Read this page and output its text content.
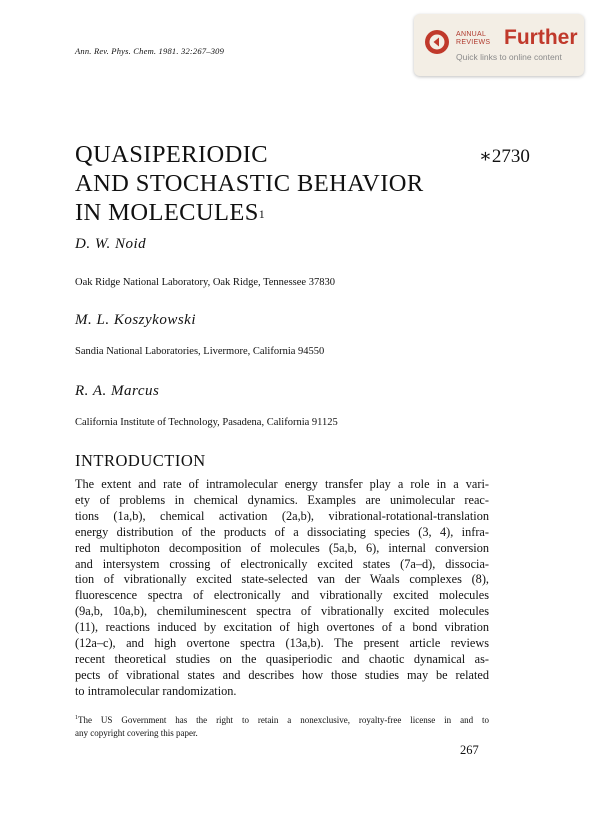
Ann. Rev. Phys. Chem. 1981. 32:267–309
ANNUAL
REVIEWS Further
Quick links to online content
QUASIPERIODIC
AND STOCHASTIC BEHAVIOR
IN MOLECULES$^1$
∗2730
D. W. Noid
Oak Ridge National Laboratory, Oak Ridge, Tennessee 37830
M. L. Koszykowski
Sandia National Laboratories, Livermore, California 94550
R. A. Marcus
California Institute of Technology, Pasadena, California 91125
INTRODUCTION
The extent and rate of intramolecular energy transfer play a role in a vari-
ety of problems in chemical dynamics. Examples are unimolecular reac-
tions (1a,b), chemical activation (2a,b), vibrational-rotational-translation
energy distribution of the products of a dissociating species (3, 4), infra-
red multiphoton decomposition of molecules (5a,b, 6), internal conversion
and intersystem crossing of electronically excited states (7a–d), dissocia-
tion of vibrationally excited state-selected van der Waals complexes (8),
fluorescence spectra of electronically and vibrationally excited molecules
(9a,b, 10a,b), chemiluminescent spectra of vibrationally excited molecules
(11), reactions induced by excitation of high overtones of a bond vibration
(12a–c), and high overtone spectra (13a,b). The present article reviews
recent theoretical studies on the quasiperiodic and chaotic dynamical as-
pects of vibrational states and describes how those studies may be related
to intramolecular randomization.
$^1$The US Government has the right to retain a nonexclusive, royalty-free license in and to
any copyright covering this paper.
267
